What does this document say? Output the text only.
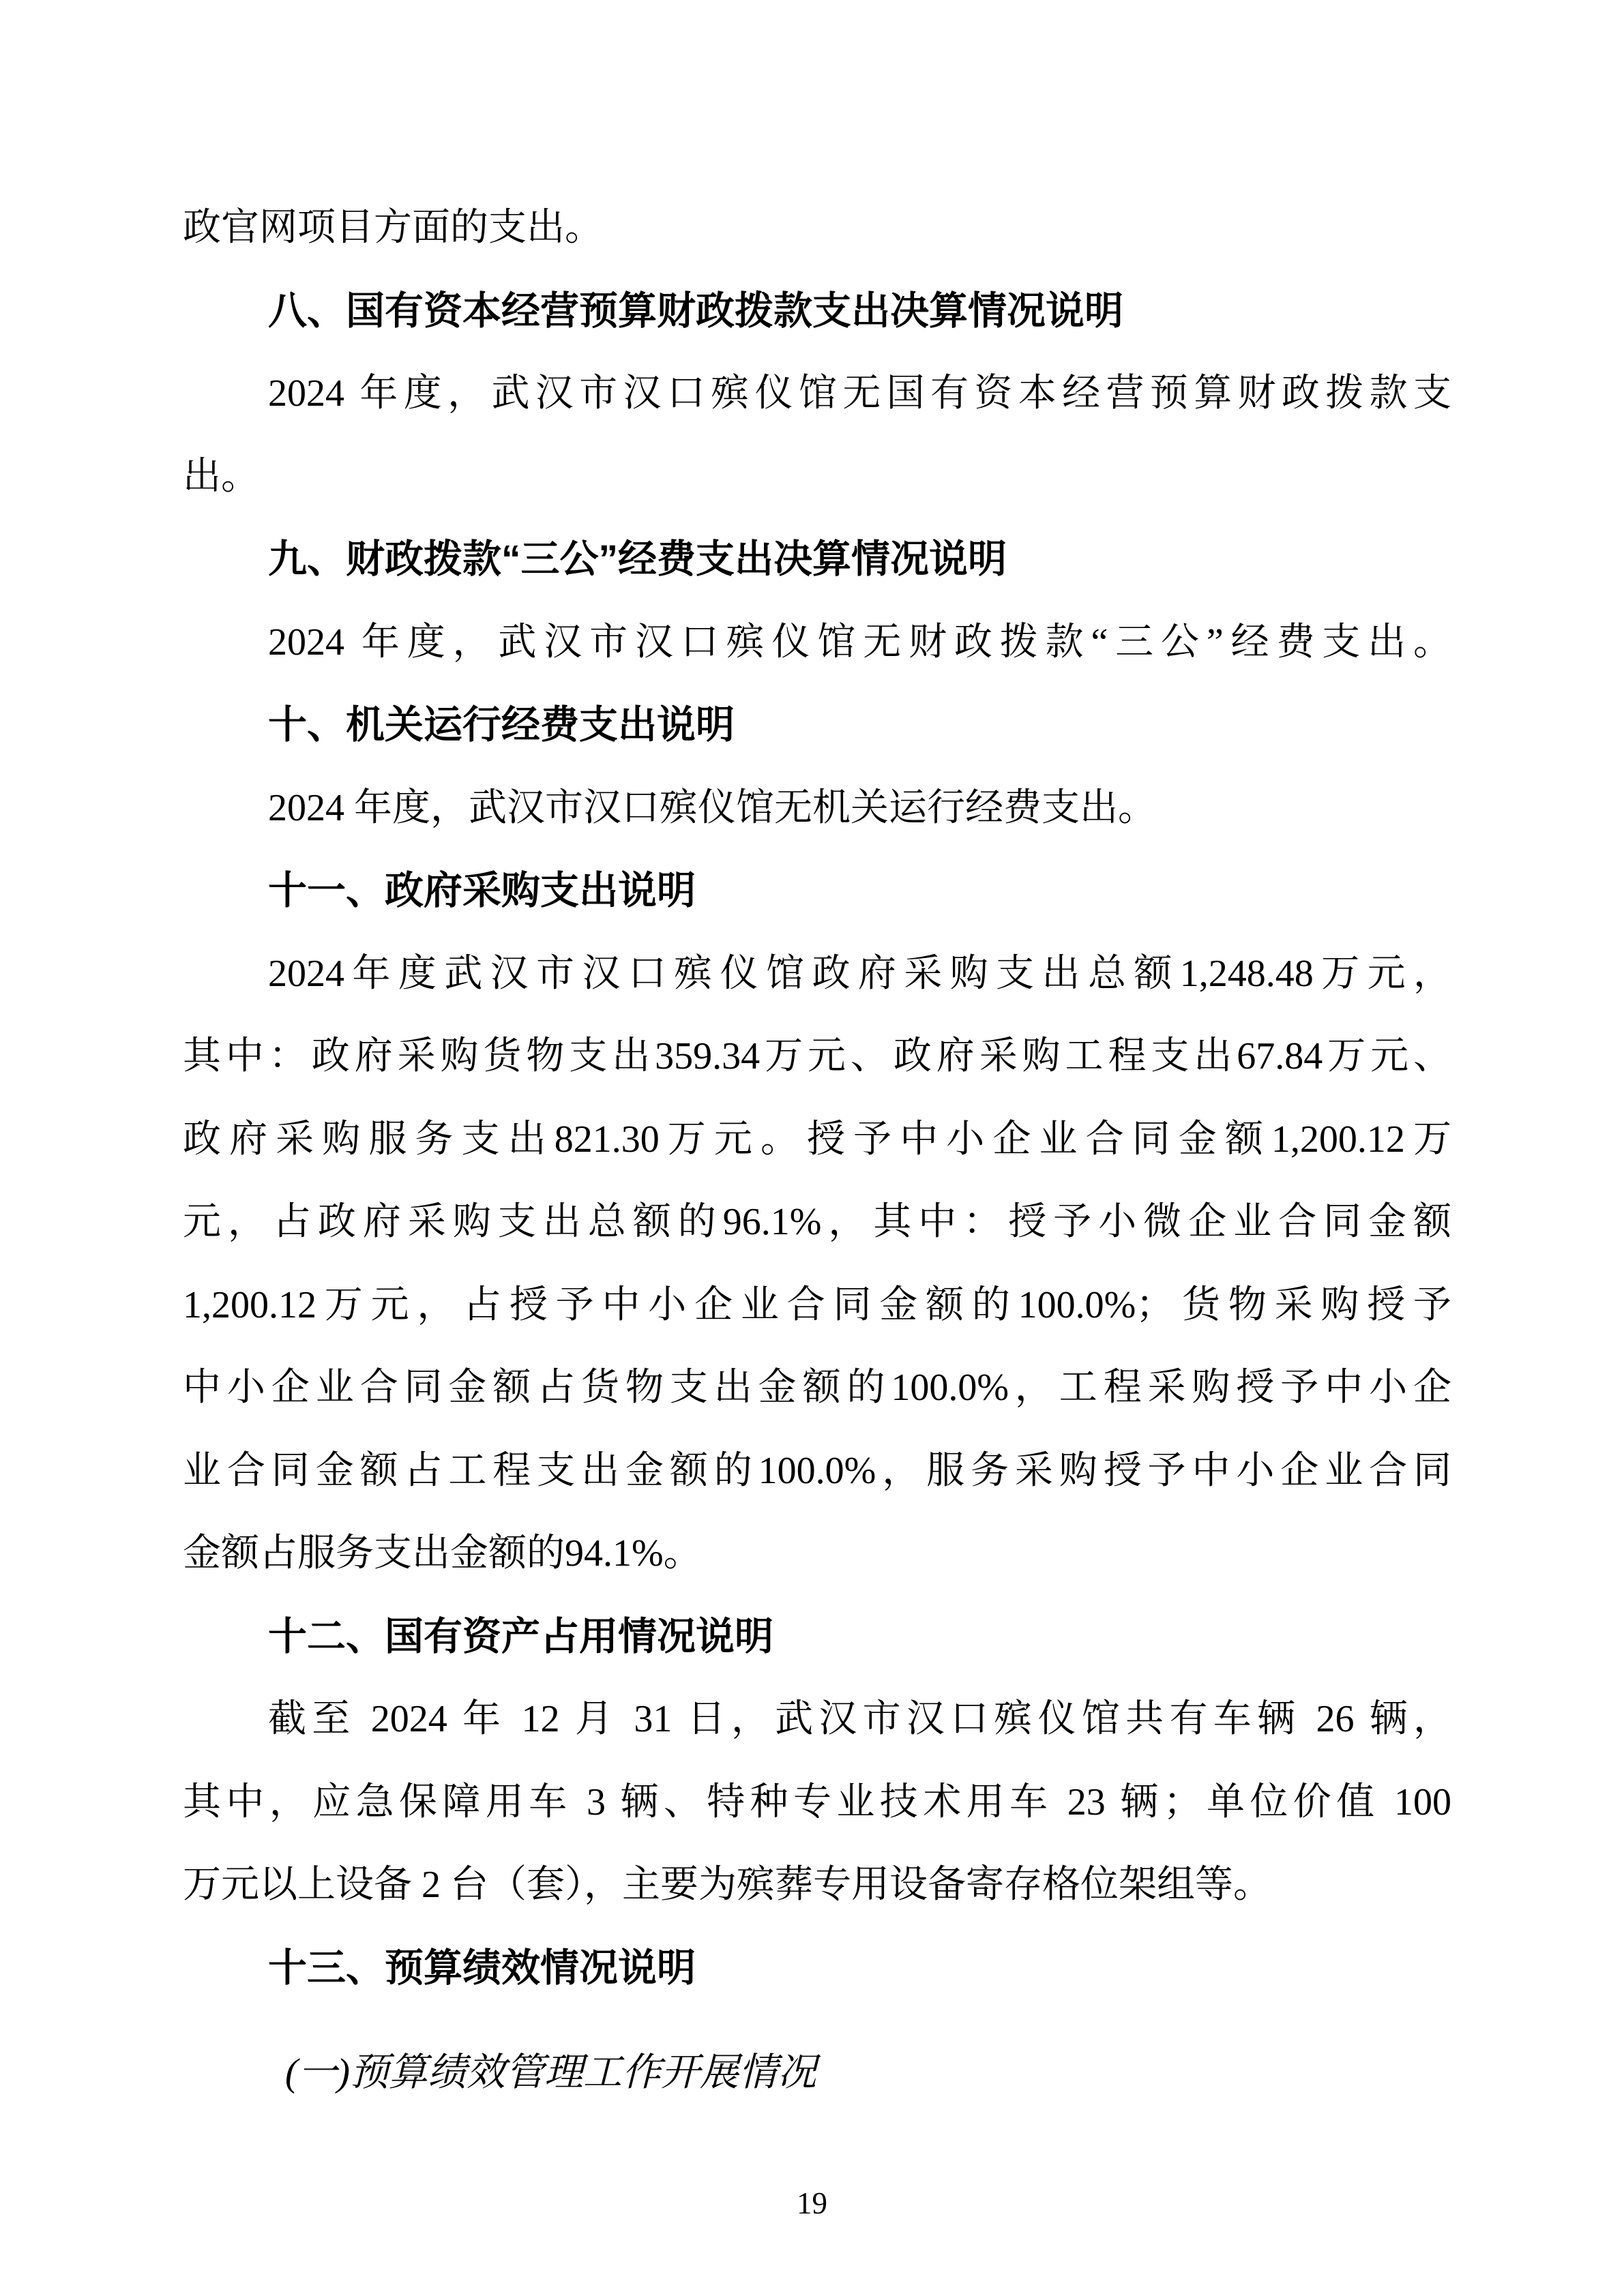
政官网项目方面的支出。
八、国有资本经营预算财政拨款支出决算情况说明
2024 年度，武汉市汉口殡仪馆无国有资本经营预算财政拨款支
出。
九、财政拨款“三公”经费支出决算情况说明
2024 年度，武汉市汉口殡仪馆无财政拨款“三公”经费支出。
十、机关运行经费支出说明
2024 年度，武汉市汉口殡仪馆无机关运行经费支出。
十一、政府采购支出说明
2024年度武汉市汉口殡仪馆政府采购支出总额1,248.48万元，
其中：政府采购货物支出359.34万元、政府采购工程支出67.84万元、
政府采购服务支出821.30万元。授予中小企业合同金额1,200.12万
元，占政府采购支出总额的96.1%，其中：授予小微企业合同金额
1,200.12万元，占授予中小企业合同金额的100.0%；货物采购授予
中小企业合同金额占货物支出金额的100.0%，工程采购授予中小企
业合同金额占工程支出金额的100.0%，服务采购授予中小企业合同
金额占服务支出金额的94.1%。
十二、国有资产占用情况说明
截至 2024 年 12 月 31 日，武汉市汉口殡仪馆共有车辆 26 辆，
其中，应急保障用车 3 辆、特种专业技术用车 23 辆；单位价值 100
万元以上设备 2 台（套），主要为殡葬专用设备寄存格位架组等。
十三、预算绩效情况说明
(一)预算绩效管理工作开展情况
19
